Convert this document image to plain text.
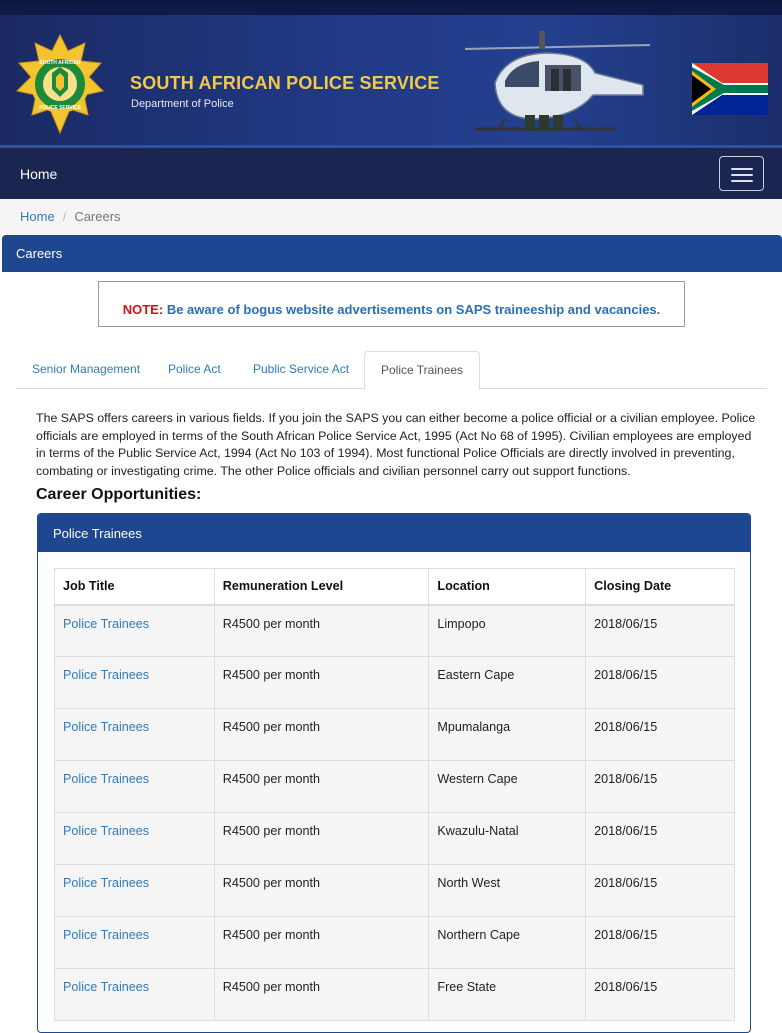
SOUTH AFRICAN
POLICE SERVICE
SOUTH AFRICAN POLICE SERVICE
Department of Police
Home
Home / Careers
Careers
NOTE: Be aware of bogus website advertisements on SAPS traineeship and vacancies.
Senior Management	Police Act	Public Service Act	Police Trainees

The SAPS offers careers in various fields. If you join the SAPS you can either become a police official or a civilian employee. Police officials are employed in terms of the South African Police Service Act, 1995 (Act No 68 of 1995). Civilian employees are employed in terms of the Public Service Act, 1994 (Act No 103 of 1994). Most functional Police Officials are directly involved in preventing, combating or investigating crime. The other Police officials and civilian personnel carry out support functions.

Career Opportunities:
Police Trainees
Job Title	Remuneration Level	Location	Closing Date
Police Trainees	R4500 per month	Limpopo	2018/06/15
Police Trainees	R4500 per month	Eastern Cape	2018/06/15
Police Trainees	R4500 per month	Mpumalanga	2018/06/15
Police Trainees	R4500 per month	Western Cape	2018/06/15
Police Trainees	R4500 per month	Kwazulu-Natal	2018/06/15
Police Trainees	R4500 per month	North West	2018/06/15
Police Trainees	R4500 per month	Northern Cape	2018/06/15
Police Trainees	R4500 per month	Free State	2018/06/15
